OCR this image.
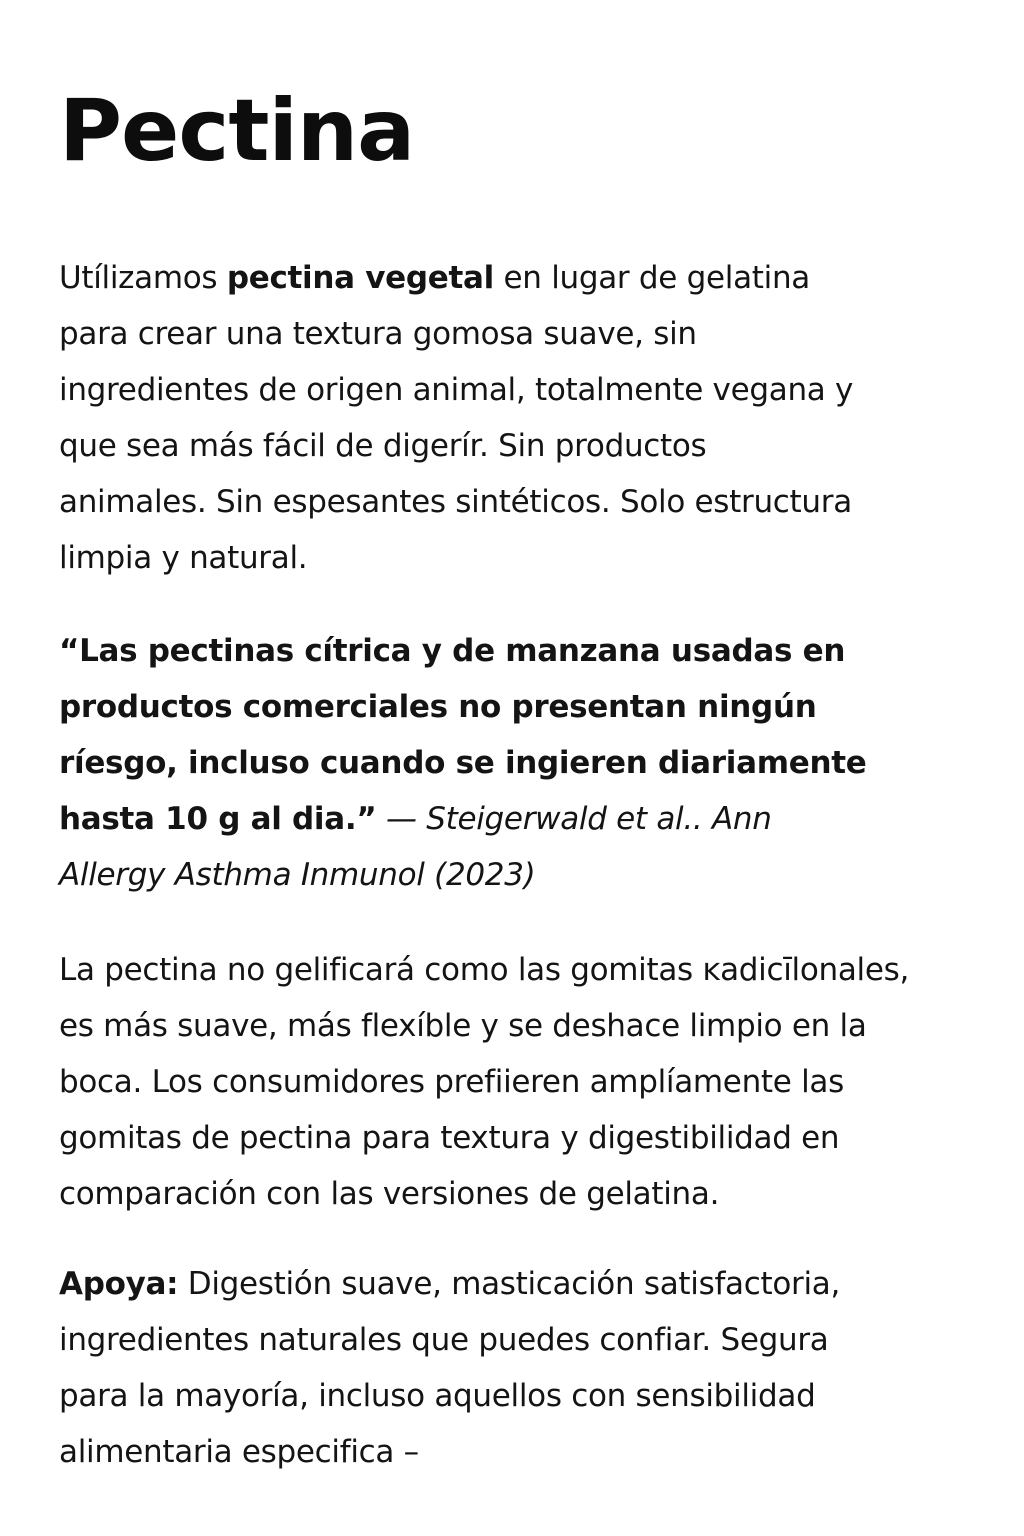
Pectina
Utílizamos pectina vegetal en lugar de gelatina
para crear una textura gomosa suave, sin
ingredientes de origen animal, totalmente vegana y
que sea más fácil de digerír. Sin productos
animales. Sin espesantes sintéticos. Solo estructura
limpia y natural.
“Las pectinas cítrica y de manzana usadas en
productos comerciales no presentan ningún
ríesgo, incluso cuando se ingieren diariamente
hasta 10 g al dia.” — Steigerwald et al.. Ann
Allergy Asthma Inmunol (2023)
La pectina no gelificará como las gomitas ĸadicīlonales,
es más suave, más flexíble y se deshace limpio en la
boca. Los consumidores prefiieren amplíamente las
gomitas de pectina para textura y digestibilidad en
comparación con las versiones de gelatina.
Apoya: Digestión suave, masticación satisfactoria,
ingredientes naturales que puedes confiar. Segura
para la mayoría, incluso aquellos con sensibilidad
alimentaria especifica –
